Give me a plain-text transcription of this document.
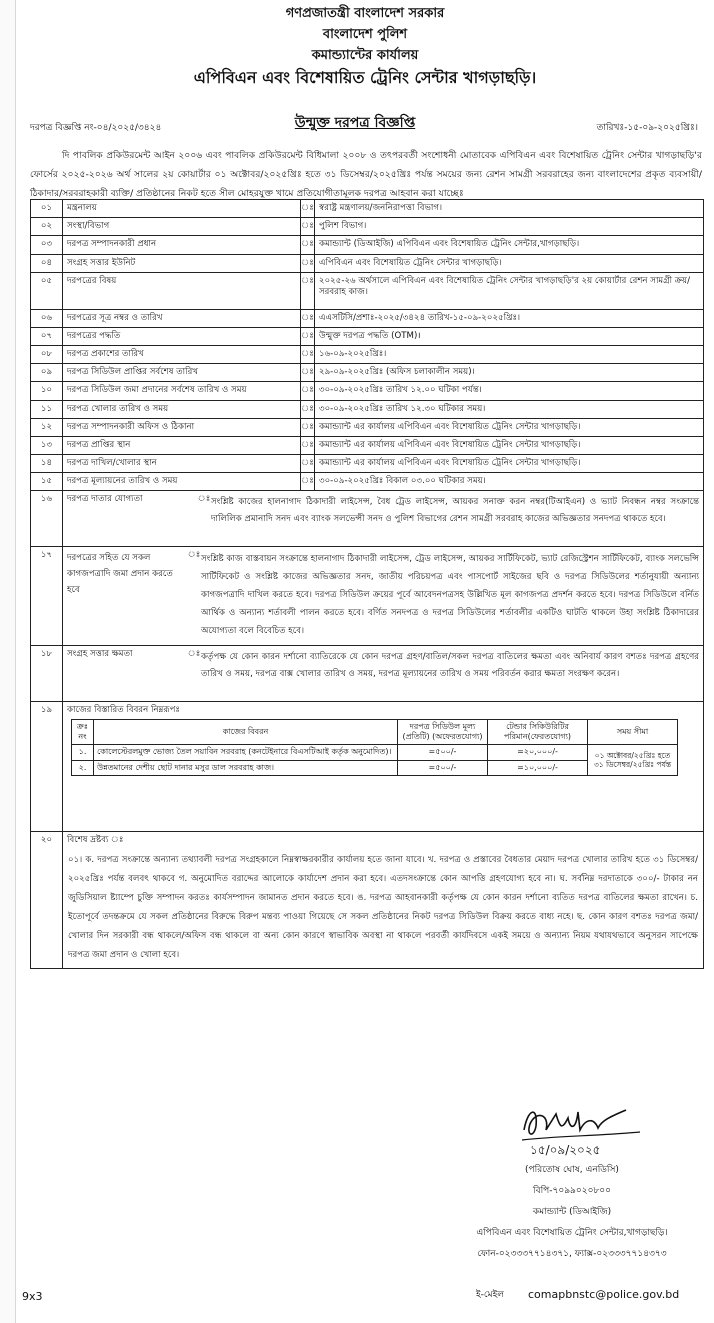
গণপ্রজাতন্ত্রী বাংলাদেশ সরকার
বাংলাদেশ পুলিশ
কমান্ড্যান্টের কার্যালয়
এপিবিএন এবং বিশেষায়িত ট্রেনিং সেন্টার খাগড়াছড়ি।
দরপত্র বিজ্ঞপ্তি নং-০৪/২০২৫/৩৪২৪	উন্মুক্ত দরপত্র বিজ্ঞপ্তি	তারিখঃ-১৫-০৯-২০২৫খ্রিঃ।
দি পাবলিক প্রকিউরমেন্ট আইন ২০০৬ এবং পাবলিক প্রকিউরমেন্ট বিধিমালা ২০০৮ ও তৎপরবর্তী সংশোধনী মোতাবেক এপিবিএন এবং বিশেষায়িত ট্রেনিং সেন্টার খাগড়াছড়ি'র ফোর্সের ২০২৫-২০২৬ অর্থ সালের ২য় কোয়ার্টার ০১ অক্টোবর/২০২৫খ্রিঃ হতে ৩১ ডিসেম্বর/২০২৫খ্রিঃ পর্যন্ত সময়ের জন্য রেশন সামগ্রী সরবরাহের জন্য বাংলাদেশের প্রকৃত ব্যবসায়ী/ঠিকাদার/সরবরাহকারী ব্যক্তি/ প্রতিষ্ঠানের নিকট হতে সীল মোহরযুক্ত খামে প্রতিযোগীতামূলক দরপত্র আহবান করা যাচ্ছেঃ
০১	মন্ত্রনালয়	ঃ	স্বরাষ্ট্র মন্ত্রণালয়/জননিরাপত্তা বিভাগ।
০২	সংস্থা/বিভাগ	ঃ	পুলিশ বিভাগ।
০৩	দরপত্র সম্পাদনকারী প্রধান	ঃ	কমান্ড্যান্ট (ডিআইজি) এপিবিএন এবং বিশেষায়িত ট্রেনিং সেন্টার,খাগড়াছড়ি।
০৪	সংগ্রহ সত্তার ইউনিট	ঃ	এপিবিএন এবং বিশেষায়িত ট্রেনিং সেন্টার খাগড়াছড়ি।
০৫	দরপত্রের বিষয়	ঃ	২০২৫-২৬ অর্থসালে এপিবিএন এবং বিশেষায়িত ট্রেনিং সেন্টার খাগড়াছড়ি'র ২য় কোয়ার্টার রেশন সামগ্রী ক্রয়/সরবরাহ কাজ।
০৬	দরপত্রের সূত্র নম্বর ও তারিখ	ঃ	এএসটিসি/প্রশাঃ-২০২৫/৩৪২৪ তারিখ-১৫-০৯-২০২৫খ্রিঃ।
০৭	দরপত্রের পদ্ধতি	ঃ	উন্মুক্ত দরপত্র পদ্ধতি (OTM)।
০৮	দরপত্র প্রকাশের তারিখ	ঃ	১৬-০৯-২০২৫খ্রিঃ।
০৯	দরপত্র সিডিউল প্রাপ্তির সর্বশেষ তারিখ	ঃ	২৯-০৯-২০২৫খ্রিঃ (অফিস চলাকালীন সময়)।
১০	দরপত্র সিডিউল জমা প্রদানের সর্বশেষ তারিখ ও সময়	ঃ	৩০-০৯-২০২৫খ্রিঃ তারিখ ১২.০০ ঘটিকা পর্যন্ত।
১১	দরপত্র খোলার তারিখ ও সময়	ঃ	৩০-০৯-২০২৫খ্রিঃ তারিখ ১২.৩০ ঘটিকার সময়।
১২	দরপত্র সম্পাদনকারী অফিস ও ঠিকানা	ঃ	কমান্ড্যান্ট এর কার্যালয় এপিবিএন এবং বিশেষায়িত ট্রেনিং সেন্টার খাগড়াছড়ি।
১৩	দরপত্র প্রাপ্তির স্থান	ঃ	কমান্ড্যান্ট এর কার্যালয় এপিবিএন এবং বিশেষায়িত ট্রেনিং সেন্টার খাগড়াছড়ি।
১৪	দরপত্র দাখিল/খোলার স্থান	ঃ	কমান্ড্যান্ট এর কার্যালয় এপিবিএন এবং বিশেষায়িত ট্রেনিং সেন্টার খাগড়াছড়ি।
১৫	দরপত্র মূল্যায়নের তারিখ ও সময়	ঃ	৩০-০৯-২০২৫খ্রিঃ বিকাল ০৩.০০ ঘটিকার সময়।
১৬	দরপত্র দাতার যোগ্যতা	ঃ সংশ্লিষ্ট কাজের হালনাগাদ ঠিকাদারী লাইসেন্স, বৈধ ট্রেড লাইসেন্স, আয়কর সনাক্ত করন নম্বর(টিআইএন) ও ভ্যাট নিবন্ধন নম্বর সংক্রান্তে দালিলিক প্রমানাদি সনদ এবং ব্যাংক সলভেন্সী সনদ ও পুলিশ বিভাগের রেশন সামগ্রী সরবরাহ কাজের অভিজ্ঞতার সনদপত্র থাকতে হবে।

১৭	দরপত্রের সহিত যে সকল কাগজপত্রাদি জমা প্রদান করতে হবে
ঃ সংশ্লিষ্ট কাজ বাস্তবায়ন সংক্রান্তে হালনাগাদ ঠিকাদারী লাইসেন্স, ট্রেড লাইসেন্স, আয়কর সার্টিফিকেট, ভ্যাট রেজিস্ট্রেশন সার্টিফিকেট, ব্যাংক সলভেন্সি সার্টিফিকেট ও সংশ্লিষ্ট কাজের অভিজ্ঞতার সনদ, জাতীয় পরিচয়পত্র এবং পাসপোর্ট সাইজের ছবি ও দরপত্র সিডিউলের শর্তানুযায়ী অন্যান্য কাগজপত্রাদি দাখিল করতে হবে। দরপত্র সিডিউল ক্রয়ের পূর্বে আবেদনপত্রসহ উল্লিখিত মূল কাগজপত্র প্রদর্শন করতে হবে। দরপত্র সিডিউলে বর্নিত আর্থিক ও অন্যান্য শর্তাবলী পালন করতে হবে। বর্ণিত সনদপত্র ও দরপত্র সিডিউলের শর্তাবলীর একটিও ঘাটতি থাকলে উহা সংশ্লিষ্ট ঠিকাদারের অযোগ্যতা বলে বিবেচিত হবে।

১৮	সংগ্রহ সত্তার ক্ষমতা	ঃ কর্তৃপক্ষ যে কোন কারন দর্শানো ব্যাতিরেকে যে কোন দরপত্র গ্রহণ/বাতিল/সকল দরপত্র বাতিলের ক্ষমতা এবং অনিবার্য কারণ বশতঃ দরপত্র গ্রহণের তারিখ ও সময়, দরপত্র বাক্স খোলার তারিখ ও সময়, দরপত্র মূল্যায়নের তারিখ ও সময় পরিবর্তন করার ক্ষমতা সংরক্ষণ করেন।

১৯	কাজের বিস্তারিত বিবরন নিম্নরূপঃ
ক্রঃ নং	কাজের বিবরন	দরপত্র সিডিউল মূল্য (প্রতিটি) (অফেরতযোগ্য)	টেন্ডার সিকিউরিটির পরিমান(ফেরতযোগ্য)	সময় সীমা
১.	কোলেস্টেরলমুক্ত ভোজ্য তৈল সয়াবিন সরবরাহ (কনটেইনারে বিএসটিআই কর্তৃক অনুমোদিত)।	=৫০০/-	=২০,০০০/-	০১ অক্টোবর/২৫খ্রিঃ হতে ৩১ ডিসেম্বর/২৫খ্রিঃ পর্যন্ত
২.	উন্নতমানের দেশীয় ছোট দানার মসুর ডাল সরবরাহ কাজ।	=৫০০/-	=১০,০০০/-

২০	বিশেষ দ্রষ্টব্য ঃ
০১। ক. দরপত্র সংক্রান্তে অন্যান্য তথ্যাবলী দরপত্র সংগ্রহকালে নিম্নস্বাক্ষরকারীর কার্যালয় হতে জানা যাবে। খ. দরপত্র ও প্রস্তাবের বৈধতার মেয়াদ দরপত্র খোলার তারিখ হতে ৩১ ডিসেম্বর/২০২৫খ্রিঃ পর্যন্ত বলবৎ থাকবে গ. অনুমোদিত বরাদ্দের আলোকে কার্যাদেশ প্রদান করা হবে। এতদসংক্রান্তে কোন আপত্তি গ্রহণযোগ্য হবে না। ঘ. সর্বনিম্ন দরদাতাকে ৩০০/- টাকার নন জুডিসিয়াল ষ্ট্যাম্পে চুক্তি সম্পাদন করতঃ কার্যসম্পাদন জামানত প্রদান করতে হবে। ঙ. দরপত্র আহবানকারী কর্তৃপক্ষ যে কোন কারন দর্শানো ব্যতিত দরপত্র বাতিলের ক্ষমতা রাখেন। চ. ইতোপূর্বে তদন্তক্রমে যে সকল প্রতিষ্ঠানের বিরুদ্ধে বিরুপ মন্তব্য পাওয়া গিয়েছে সে সকল প্রতিষ্ঠানের নিকট দরপত্র সিডিউল বিক্রয় করতে বাধ্য নহে। ছ. কোন কারণ বশতঃ দরপত্র জমা/খোলার দিন সরকারী বন্ধ থাকলে/অফিস বন্ধ থাকলে বা অন্য কোন কারণে স্বাভাবিক অবস্থা না থাকলে পরবর্তী কার্যদিবসে একই সময়ে ও অন্যান্য নিয়ম যথাযথভাবে অনুসরন সাপেক্ষে দরপত্র জমা প্রদান ও খোলা হবে।
১৫/০৯/২০২৫
(পরিতোষ ঘোষ, এনডিসি)
বিপি-৭০৯৯০২০৮০০
কমান্ড্যান্ট (ডিআইজি)
এপিবিএন এবং বিশেষায়িত ট্রেনিং সেন্টার,খাগড়াছড়ি।
ফোন-০২৩৩৩৭৭১৪৩৭১, ফ্যাক্স-০২৩৩৩৭৭১৪৩৭৩
ই-মেইল comapbnstc@police.gov.bd
9x3
